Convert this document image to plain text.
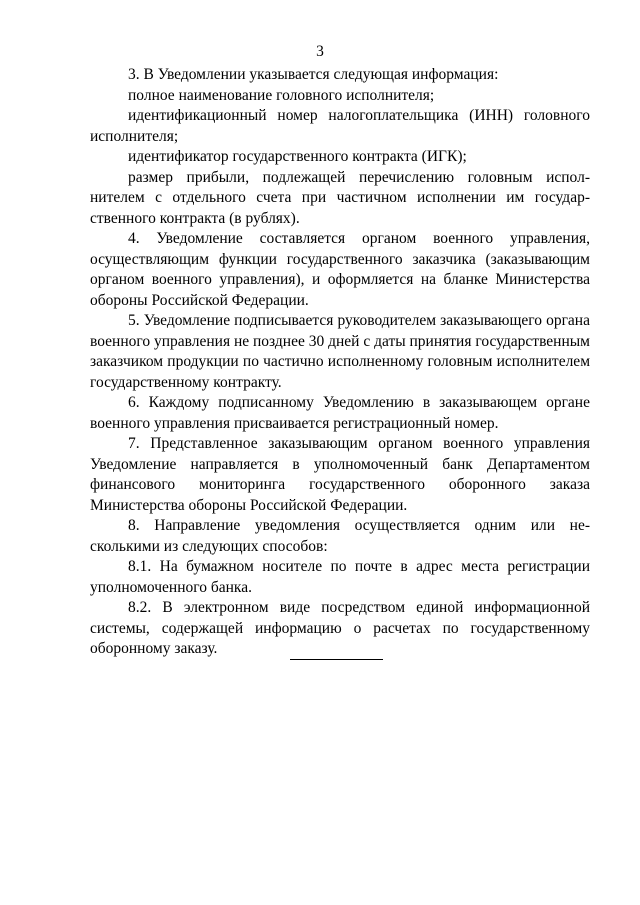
3

3. В Уведомлении указывается следующая информация:

полное наименование головного исполнителя;

идентификационный номер налогоплательщика (ИНН) головного исполнителя;

идентификатор государственного контракта (ИГК);

размер прибыли, подлежащей перечислению головным исполнителем с отдельного счета при частичном исполнении им государственного контракта (в рублях).

4. Уведомление составляется органом военного управления, осуществляющим функции государственного заказчика (заказывающим органом военного управления), и оформляется на бланке Министерства обороны Российской Федерации.

5. Уведомление подписывается руководителем заказывающего органа военного управления не позднее 30 дней с даты принятия государственным заказчиком продукции по частично исполненному головным исполнителем государственному контракту.

6. Каждому подписанному Уведомлению в заказывающем органе военного управления присваивается регистрационный номер.

7. Представленное заказывающим органом военного управления Уведомление направляется в уполномоченный банк Департаментом финансового мониторинга государственного оборонного заказа Министерства обороны Российской Федерации.

8. Направление уведомления осуществляется одним или несколькими из следующих способов:

8.1. На бумажном носителе по почте в адрес места регистрации уполномоченного банка.

8.2. В электронном виде посредством единой информационной системы, содержащей информацию о расчетах по государственному оборонному заказу.
